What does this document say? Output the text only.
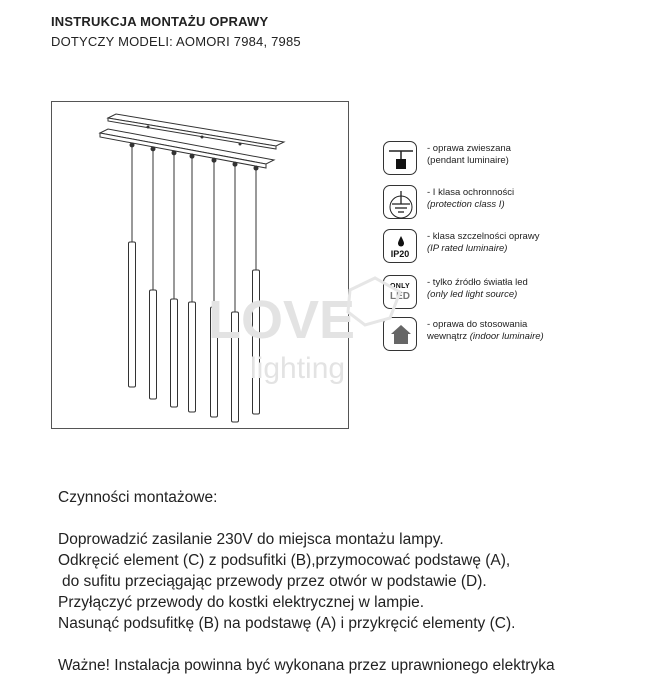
INSTRUKCJA MONTAŻU OPRAWY
DOTYCZY MODELI: AOMORI 7984, 7985
- oprawa zwieszana
(pendant luminaire)
- I klasa ochronności
(protection class I)
IP20
- klasa szczelności oprawy
(IP rated luminaire)
ONLY
LED
- tylko źródło światła led
(only led light source)
- oprawa do stosowania
wewnątrz (indoor luminaire)
LOVE
lighting
Czynności montażowe:
Doprowadzić zasilanie 230V do miejsca montażu lampy.
Odkręcić element (C) z podsufitki (B),przymocować podstawę (A),
do sufitu przeciągając przewody przez otwór w podstawie (D).
Przyłączyć przewody do kostki elektrycznej w lampie.
Nasunąć podsufitkę (B) na podstawę (A) i przykręcić elementy (C).
Ważne! Instalacja powinna być wykonana przez uprawnionego elektryka
